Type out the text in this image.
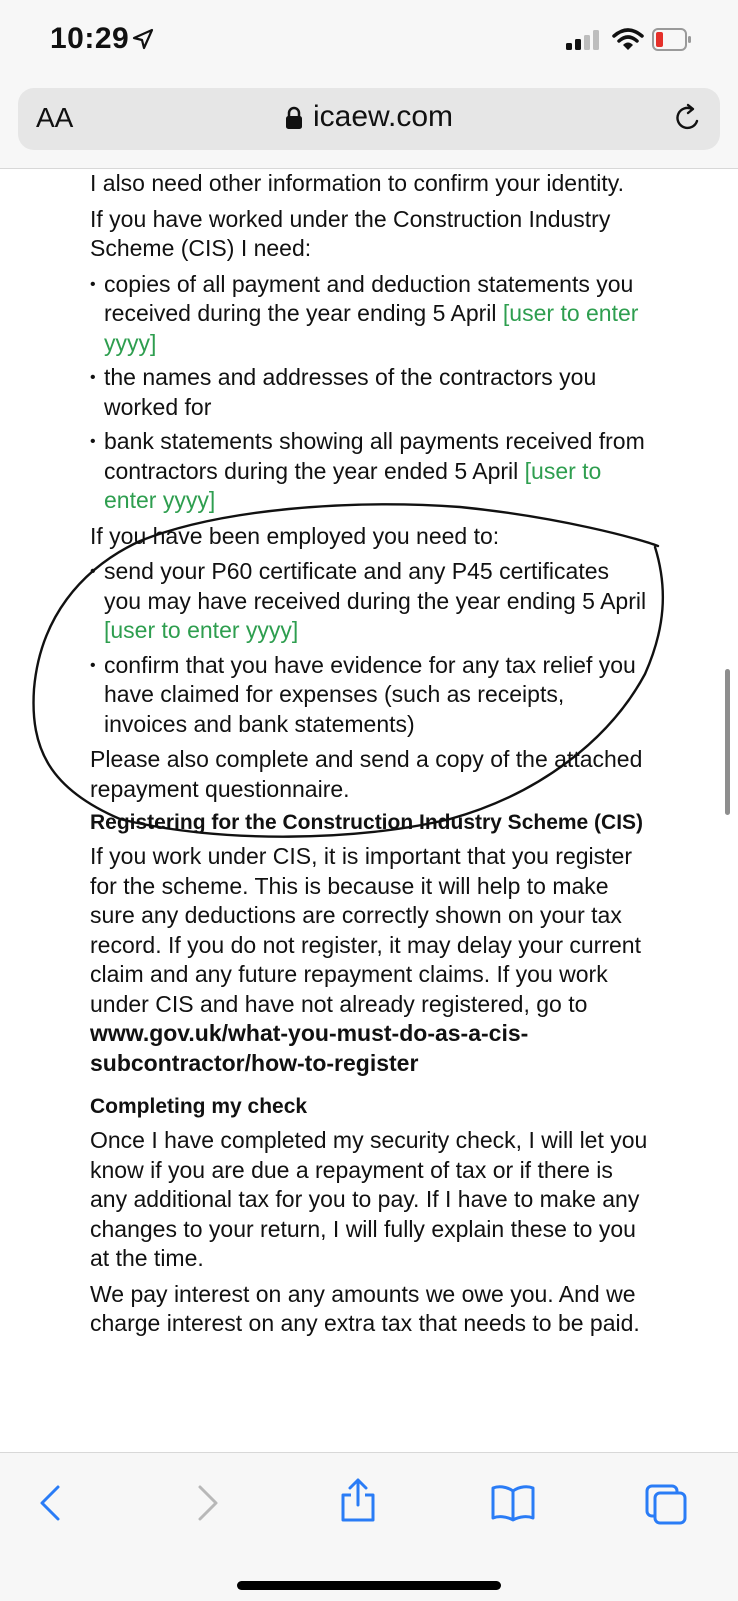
10:29
AA	icaew.com

I also need other information to confirm your identity.

If you have worked under the Construction Industry Scheme (CIS) I need:

• copies of all payment and deduction statements you received during the year ending 5 April [user to enter yyyy]
• the names and addresses of the contractors you worked for
• bank statements showing all payments received from contractors during the year ended 5 April [user to enter yyyy]

If you have been employed you need to:

• send your P60 certificate and any P45 certificates you may have received during the year ending 5 April [user to enter yyyy]
• confirm that you have evidence for any tax relief you have claimed for expenses (such as receipts, invoices and bank statements)

Please also complete and send a copy of the attached repayment questionnaire.

Registering for the Construction Industry Scheme (CIS)

If you work under CIS, it is important that you register for the scheme. This is because it will help to make sure any deductions are correctly shown on your tax record. If you do not register, it may delay your current claim and any future repayment claims. If you work under CIS and have not already registered, go to www.gov.uk/what-you-must-do-as-a-cis-subcontractor/how-to-register

Completing my check

Once I have completed my security check, I will let you know if you are due a repayment of tax or if there is any additional tax for you to pay. If I have to make any changes to your return, I will fully explain these to you at the time.

We pay interest on any amounts we owe you. And we charge interest on any extra tax that needs to be paid.
